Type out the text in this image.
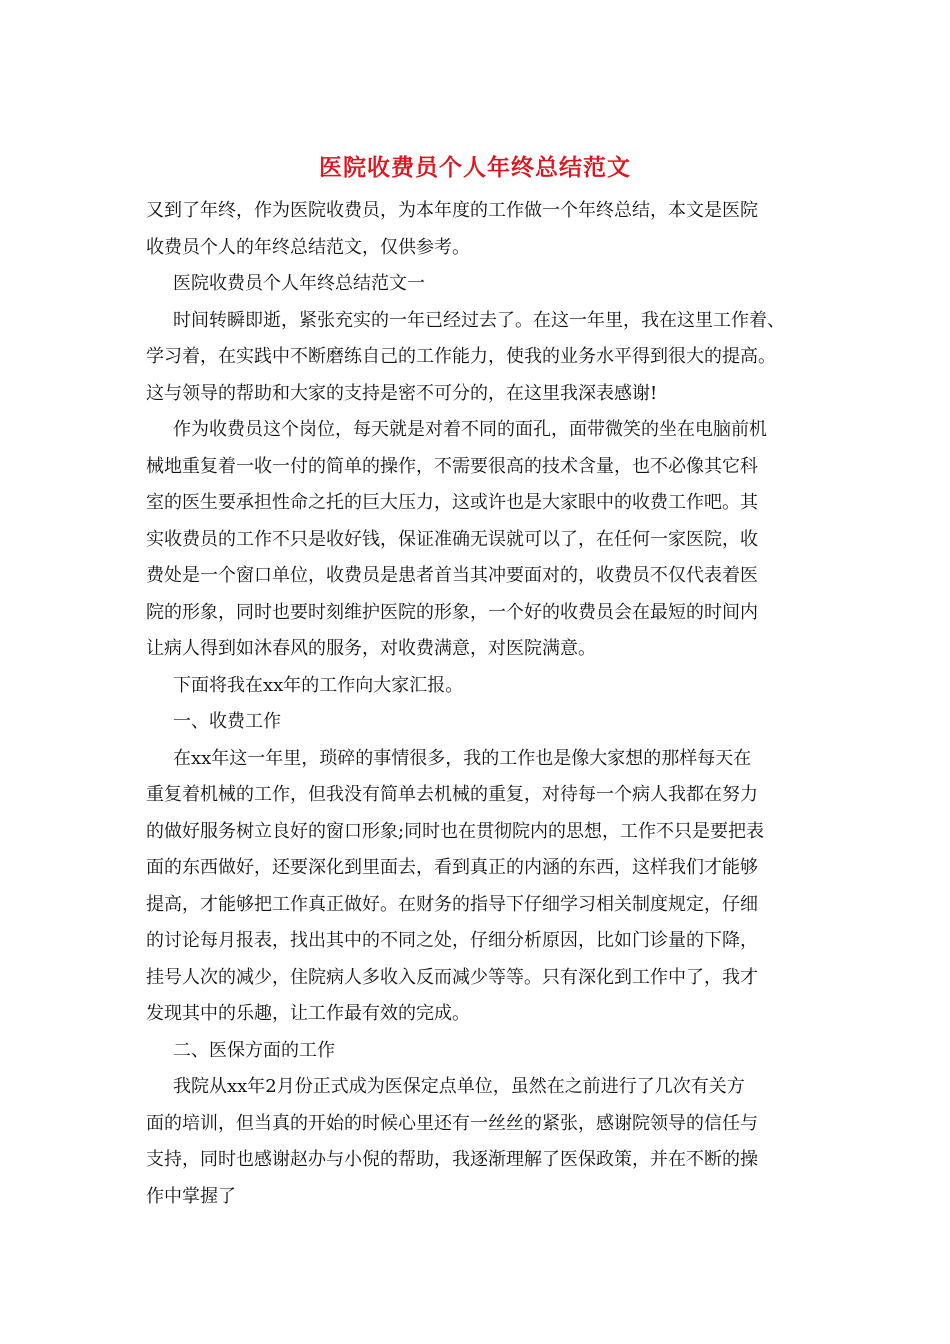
医院收费员个人年终总结范文
又到了年终，作为医院收费员，为本年度的工作做一个年终总结，本文是医院
收费员个人的年终总结范文，仅供参考。
医院收费员个人年终总结范文一
时间转瞬即逝，紧张充实的一年已经过去了。在这一年里，我在这里工作着、
学习着，在实践中不断磨练自己的工作能力，使我的业务水平得到很大的提高。
这与领导的帮助和大家的支持是密不可分的，在这里我深表感谢!
作为收费员这个岗位，每天就是对着不同的面孔，面带微笑的坐在电脑前机
械地重复着一收一付的简单的操作，不需要很高的技术含量，也不必像其它科
室的医生要承担性命之托的巨大压力，这或许也是大家眼中的收费工作吧。其
实收费员的工作不只是收好钱，保证准确无误就可以了，在任何一家医院，收
费处是一个窗口单位，收费员是患者首当其冲要面对的，收费员不仅代表着医
院的形象，同时也要时刻维护医院的形象，一个好的收费员会在最短的时间内
让病人得到如沐春风的服务，对收费满意，对医院满意。
下面将我在xx年的工作向大家汇报。
一、收费工作
在xx年这一年里，琐碎的事情很多，我的工作也是像大家想的那样每天在
重复着机械的工作，但我没有简单去机械的重复，对待每一个病人我都在努力
的做好服务树立良好的窗口形象;同时也在贯彻院内的思想，工作不只是要把表
面的东西做好，还要深化到里面去，看到真正的内涵的东西，这样我们才能够
提高，才能够把工作真正做好。在财务的指导下仔细学习相关制度规定，仔细
的讨论每月报表，找出其中的不同之处，仔细分析原因，比如门诊量的下降，
挂号人次的减少，住院病人多收入反而减少等等。只有深化到工作中了，我才
发现其中的乐趣，让工作最有效的完成。
二、医保方面的工作
我院从xx年2月份正式成为医保定点单位，虽然在之前进行了几次有关方
面的培训，但当真的开始的时候心里还有一丝丝的紧张，感谢院领导的信任与
支持，同时也感谢赵办与小倪的帮助，我逐渐理解了医保政策，并在不断的操
作中掌握了
